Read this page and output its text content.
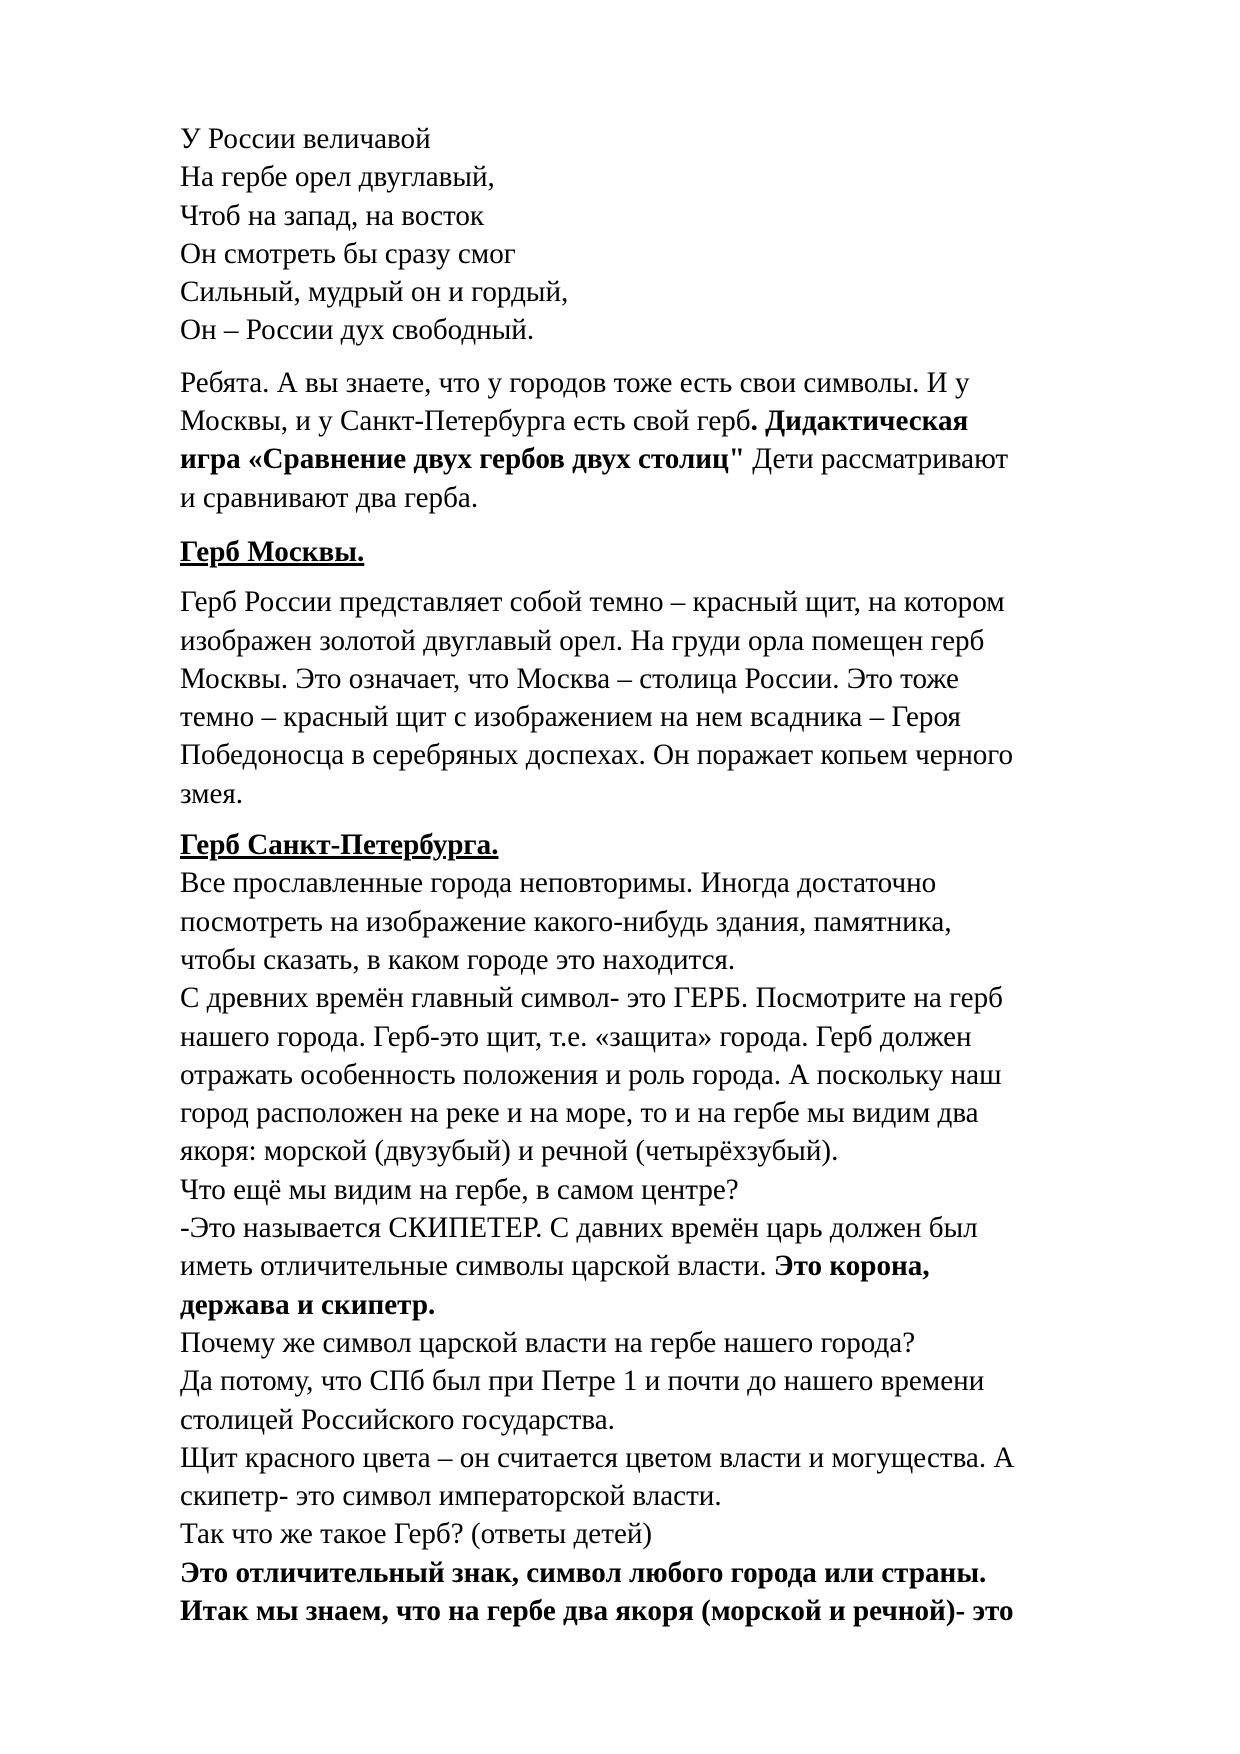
У России величавой
На гербе орел двуглавый,
Чтоб на запад, на восток
Он смотреть бы сразу смог
Сильный, мудрый он и гордый,
Он – России дух свободный.
Ребята. А вы знаете, что у городов тоже есть свои символы. И у
Москвы, и у Санкт-Петербурга есть свой герб. Дидактическая
игра «Сравнение двух гербов двух столиц" Дети рассматривают
и сравнивают два герба.
Герб Москвы.
Герб России представляет собой темно – красный щит, на котором
изображен золотой двуглавый орел. На груди орла помещен герб
Москвы. Это означает, что Москва – столица России. Это тоже
темно – красный щит с изображением на нем всадника – Героя
Победоносца в серебряных доспехах. Он поражает копьем черного
змея.
Герб Санкт-Петербурга.
Все прославленные города неповторимы. Иногда достаточно
посмотреть на изображение какого-нибудь здания, памятника,
чтобы сказать, в каком городе это находится.
С древних времён главный символ- это ГЕРБ. Посмотрите на герб
нашего города. Герб-это щит, т.е. «защита» города. Герб должен
отражать особенность положения и роль города. А поскольку наш
город расположен на реке и на море, то и на гербе мы видим два
якоря: морской (двузубый) и речной (четырёхзубый).
Что ещё мы видим на гербе, в самом центре?
-Это называется СКИПЕТЕР. С давних времён царь должен был
иметь отличительные символы царской власти. Это корона,
держава и скипетр.
Почему же символ царской власти на гербе нашего города?
Да потому, что СПб был при Петре 1 и почти до нашего времени
столицей Российского государства.
Щит красного цвета – он считается цветом власти и могущества. А
скипетр- это символ императорской власти.
Так что же такое Герб? (ответы детей)
Это отличительный знак, символ любого города или страны.
Итак мы знаем, что на гербе два якоря (морской и речной)- это
